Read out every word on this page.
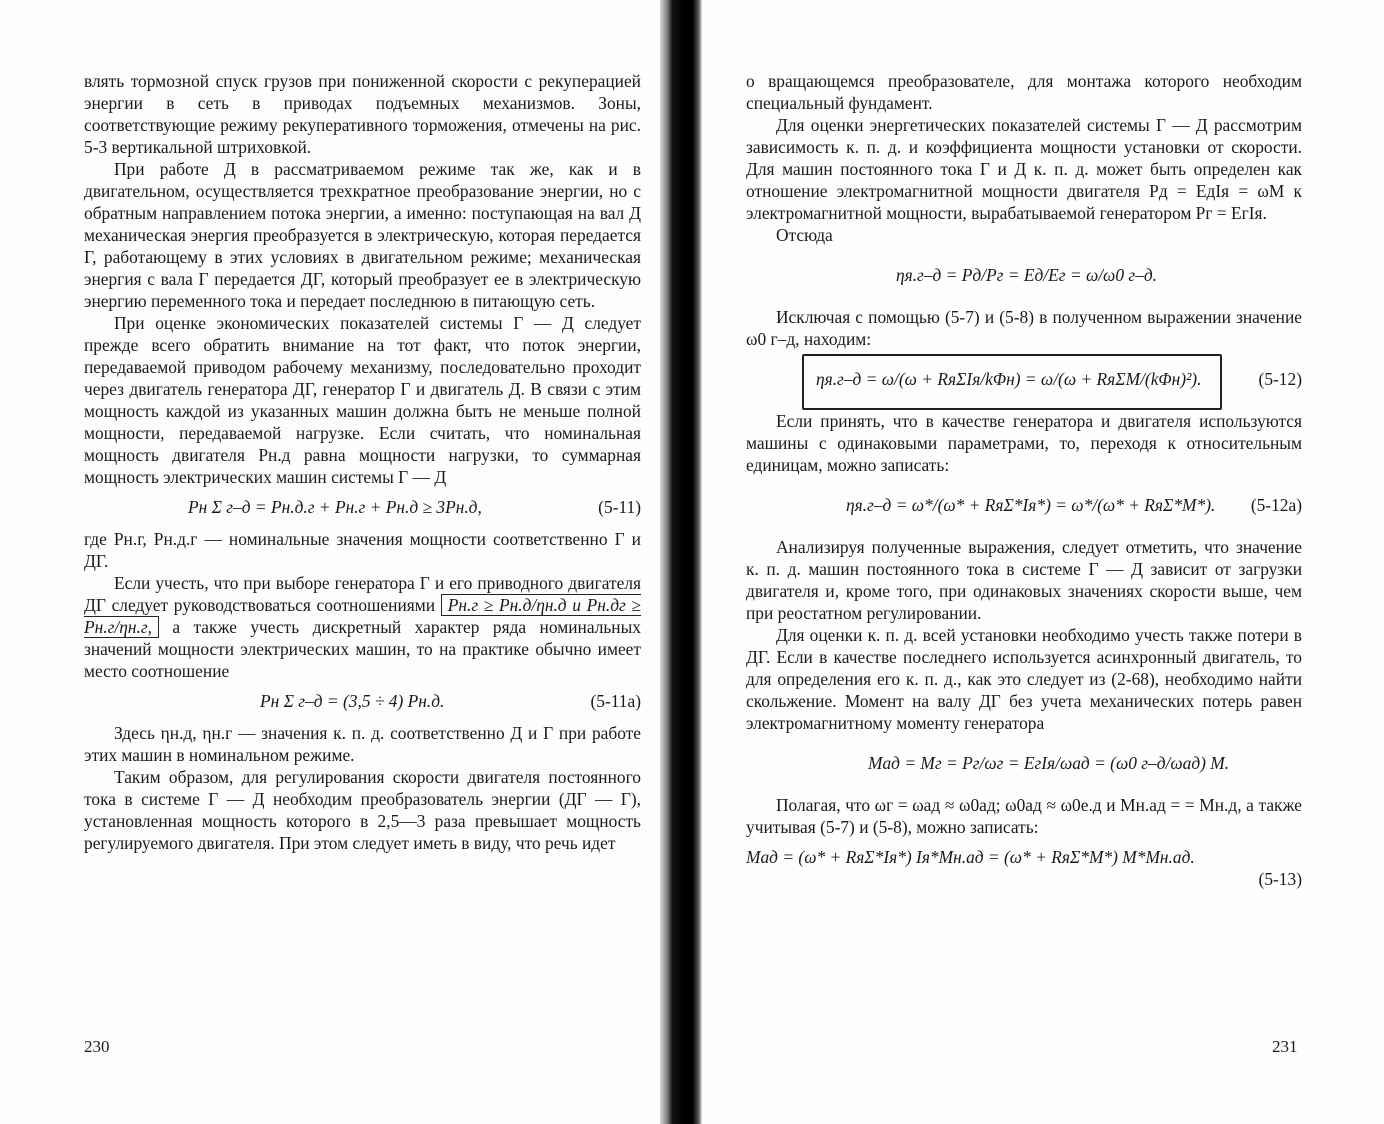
влять тормозной спуск грузов при пониженной скорости с рекуперацией энергии в сеть в приводах подъемных механизмов. Зоны, соответствующие режиму рекуперативного торможения, отмечены на рис. 5-3 вертикальной штриховкой.

При работе Д в рассматриваемом режиме так же, как и в двигательном, осуществляется трехкратное преобразование энергии, но с обратным направлением потока энергии, а именно: поступающая на вал Д механическая энергия преобразуется в электрическую, которая передается Г, работающему в этих условиях в двигательном режиме; механическая энергия с вала Г передается ДГ, который преобразует ее в электрическую энергию переменного тока и передает последнюю в питающую сеть.

При оценке экономических показателей системы Г — Д следует прежде всего обратить внимание на тот факт, что поток энергии, передаваемой приводом рабочему механизму, последовательно проходит через двигатель генератора ДГ, генератор Г и двигатель Д. В связи с этим мощность каждой из указанных машин должна быть не меньше полной мощности, передаваемой нагрузке. Если считать, что номинальная мощность двигателя Pн.д равна мощности нагрузки, то суммарная мощность электрических машин системы Г — Д

Pн Σ г–д = Pн.д.г + Pн.г + Pн.д ≥ 3Pн.д,	(5-11)

где Pн.г, Pн.д.г — номинальные значения мощности соответственно Г и ДГ.

Если учесть, что при выборе генератора Г и его приводного двигателя ДГ следует руководствоваться соотношениями Pн.г ≥ Pн.д/ηн.д и Pн.дг ≥ Pн.г/ηн.г, а также учесть дискретный характер ряда номинальных значений мощности электрических машин, то на практике обычно имеет место соотношение

Pн Σ г–д = (3,5 ÷ 4) Pн.д.	(5-11а)

Здесь ηн.д, ηн.г — значения к. п. д. соответственно Д и Г при работе этих машин в номинальном режиме.

Таким образом, для регулирования скорости двигателя постоянного тока в системе Г — Д необходим преобразователь энергии (ДГ — Г), установленная мощность которого в 2,5—3 раза превышает мощность регулируемого двигателя. При этом следует иметь в виду, что речь идет

230

о вращающемся преобразователе, для монтажа которого необходим специальный фундамент.

Для оценки энергетических показателей системы Г — Д рассмотрим зависимость к. п. д. и коэффициента мощности установки от скорости. Для машин постоянного тока Г и Д к. п. д. может быть определен как отношение электромагнитной мощности двигателя Pд = EдIя = ωM к электромагнитной мощности, вырабатываемой генератором Pг = EгIя.

Отсюда

ηя.г–д = Pд/Pг = Eд/Eг = ω/ω0 г–д.

Исключая с помощью (5-7) и (5-8) в полученном выражении значение ω0 г–д, находим:

ηя.г–д = ω/(ω + RяΣIя/kΦн) = ω/(ω + RяΣM/(kΦн)²).	(5-12)

Если принять, что в качестве генератора и двигателя используются машины с одинаковыми параметрами, то, переходя к относительным единицам, можно записать:

ηя.г–д = ω*/(ω* + RяΣ*Iя*) = ω*/(ω* + RяΣ*M*). (5-12а)

Анализируя полученные выражения, следует отметить, что значение к. п. д. машин постоянного тока в системе Г — Д зависит от загрузки двигателя и, кроме того, при одинаковых значениях скорости выше, чем при реостатном регулировании.

Для оценки к. п. д. всей установки необходимо учесть также потери в ДГ. Если в качестве последнего используется асинхронный двигатель, то для определения его к. п. д., как это следует из (2-68), необходимо найти скольжение. Момент на валу ДГ без учета механических потерь равен электромагнитному моменту генератора

Mад = Mг = Pг/ωг = EгIя/ωад = (ω0 г–д/ωад) M.

Полагая, что ωг = ωад ≈ ω0ад; ω0ад ≈ ω0е.д и Mн.ад = = Mн.д, а также учитывая (5-7) и (5-8), можно записать:

Mад = (ω* + RяΣ*Iя*) Iя*Mн.ад = (ω* + RяΣ*M*) M*Mн.ад.
(5-13)
231
